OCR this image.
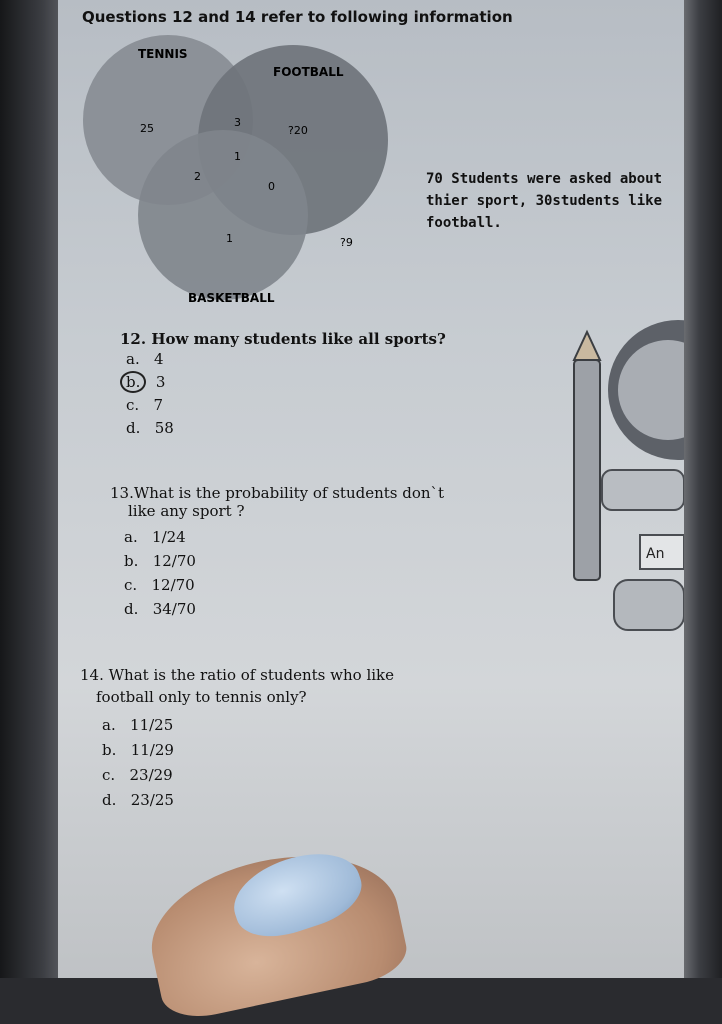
Questions 12 and 14 refer to following information
TENNIS
FOOTBALL
BASKETBALL
25	3
?20
1
2
0
1	?9
70 Students were asked about thier sport, 30students like football.
12. How many students like all sports?
a. 4
b. 3
c. 7
d. 58
13.What is the probability of students don`t
like any sport ?
a. 1/24
b. 12/70
c. 12/70
d. 34/70
14. What is the ratio of students who like
football only to tennis only?
a. 11/25
b. 11/29
c. 23/29
d. 23/25
An
